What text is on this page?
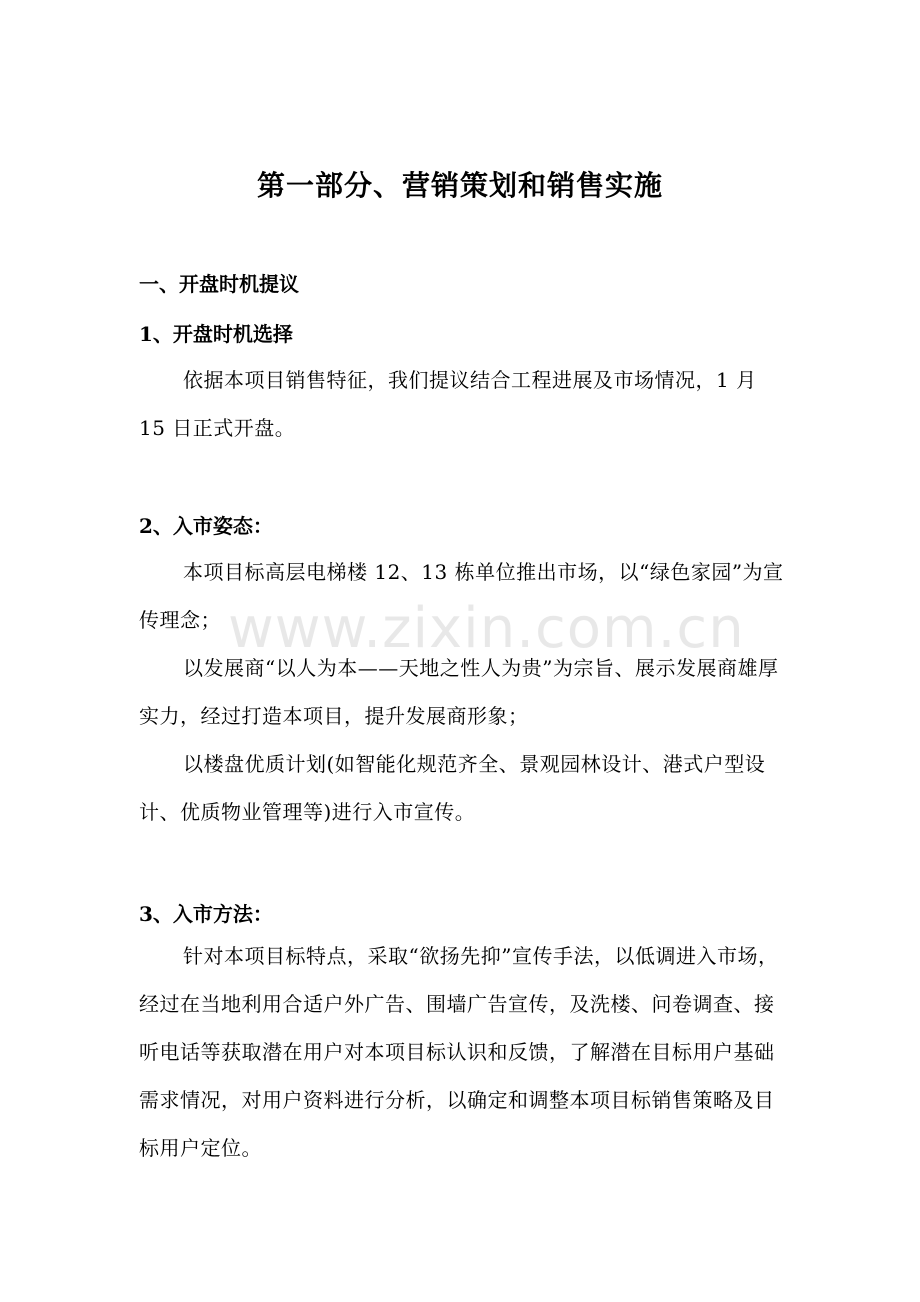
第一部分、营销策划和销售实施
一、开盘时机提议
1、开盘时机选择

依据本项目销售特征，我们提议结合工程进展及市场情况，1 月 15 日正式开盘。

2、入市姿态：

本项目标高层电梯楼 12、13 栋单位推出市场，以“绿色家园”为宣传理念；

以发展商“以人为本——天地之性人为贵”为宗旨、展示发展商雄厚实力，经过打造本项目，提升发展商形象；

以楼盘优质计划(如智能化规范齐全、景观园林设计、港式户型设计、优质物业管理等)进行入市宣传。

3、入市方法：

针对本项目标特点，采取“欲扬先抑”宣传手法，以低调进入市场，经过在当地利用合适户外广告、围墙广告宣传，及洗楼、问卷调查、接听电话等获取潜在用户对本项目标认识和反馈，了解潜在目标用户基础需求情况，对用户资料进行分析，以确定和调整本项目标销售策略及目标用户定位。

www.zixin.com.cn
